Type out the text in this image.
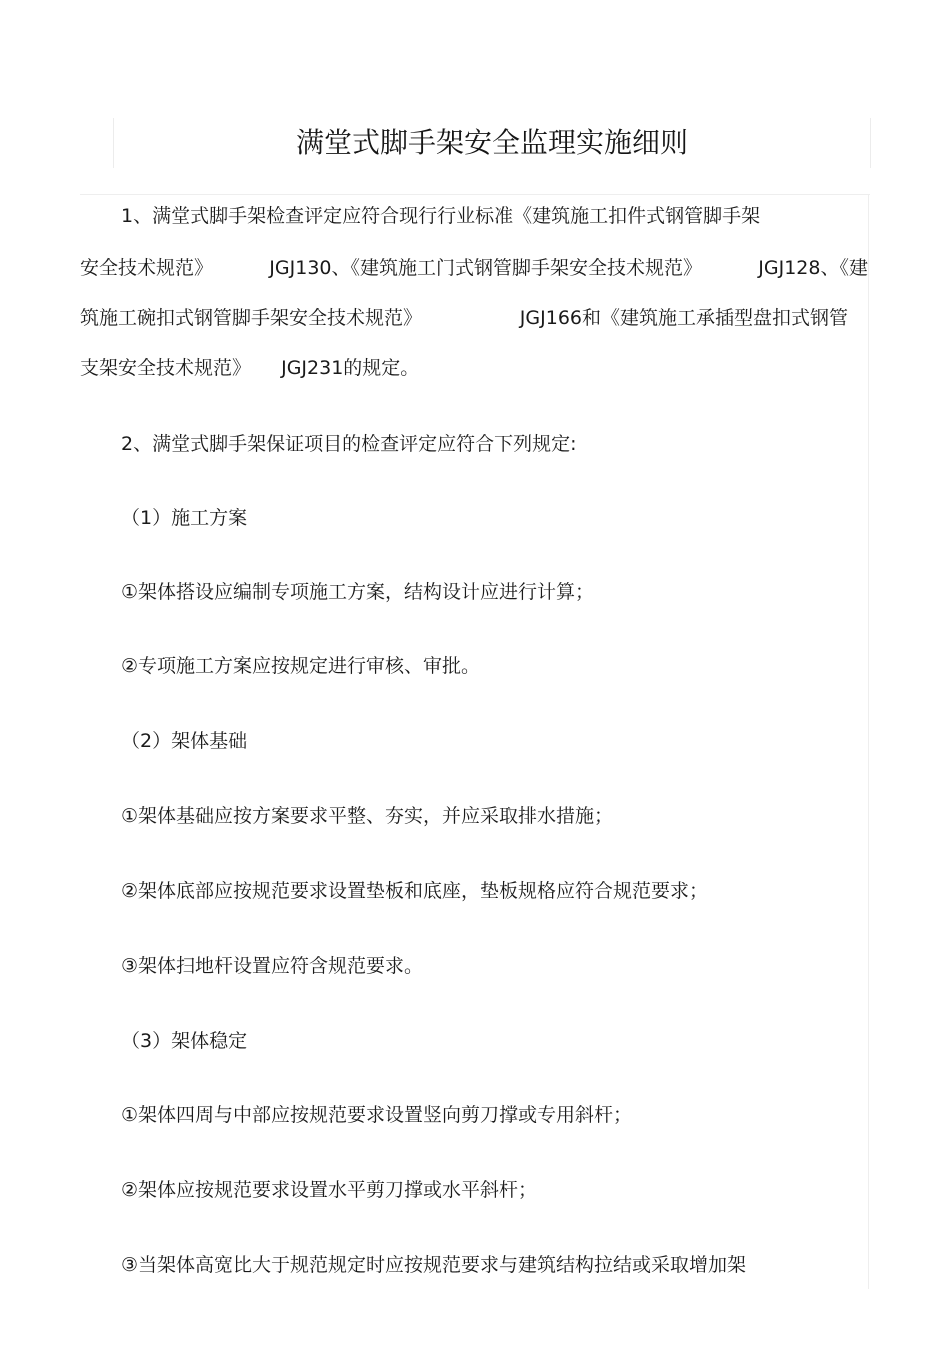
满堂式脚手架安全监理实施细则
1、满堂式脚手架检查评定应符合现行行业标准《建筑施工扣件式钢管脚手架
安全技术规范》	JGJ130、《建筑施工门式钢管脚手架安全技术规范》	JGJ128、《建
筑施工碗扣式钢管脚手架安全技术规范》	JGJ166和《建筑施工承插型盘扣式钢管
支架安全技术规范》 JGJ231的规定。
2、满堂式脚手架保证项目的检查评定应符合下列规定:
（1）施工方案
①架体搭设应编制专项施工方案，结构设计应进行计算；
②专项施工方案应按规定进行审核、审批。
（2）架体基础
①架体基础应按方案要求平整、夯实，并应采取排水措施；
②架体底部应按规范要求设置垫板和底座，垫板规格应符合规范要求；
③架体扫地杆设置应符含规范要求。
（3）架体稳定
①架体四周与中部应按规范要求设置竖向剪刀撑或专用斜杆；
②架体应按规范要求设置水平剪刀撑或水平斜杆；
③当架体高宽比大于规范规定时应按规范要求与建筑结构拉结或采取增加架
